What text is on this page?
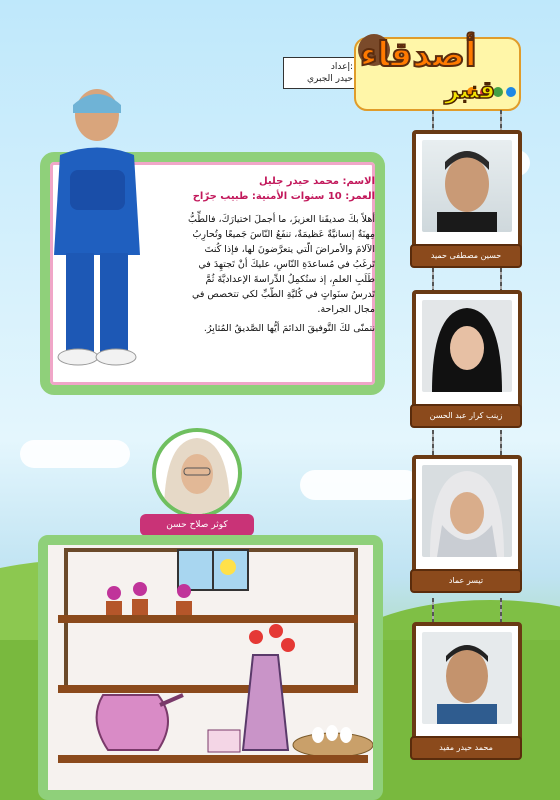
إعداد:
حيدر الجبري
أصدقاء
قنبر
الاسم: محمد حيدر جليل
العمر: 10 سنوات الأمنية: طبيب جرّاح
أهلاً بكَ صديقَنا العزيزَ، ما أجملَ اختيارَكَ، فالطِّبُّ مِهنَةٌ إنسانيَّةٌ عَظيمَةٌ، تنفَعُ النّاسَ جَميعًا وتُحارِبُ الآلامَ والأمراضَ الّتي يتعرَّضونَ لها، فإذا كُنتَ تَرغَبُ في مُساعدَةِ النّاسِ، عليكَ أنْ تَجتهِدَ في طَلَبِ العلمِ، إذ ستُكمِلُ الدِّراسةَ الإعداديَّةَ ثُمَّ تَدرسُ سنَواتٍ في كُليَّةِ الطّبِّ لكي تتخصص في مجال الجراحة.
نتمنّى لكَ التَّوفيقَ الدائمَ أيُّها الصَّديقُ المُثابِرُ.
حسين مصطفى حميد
زينب كرار عبد الحسن
تيسر عماد
محمد حيدر مفيد
كوثر صلاح حسن
